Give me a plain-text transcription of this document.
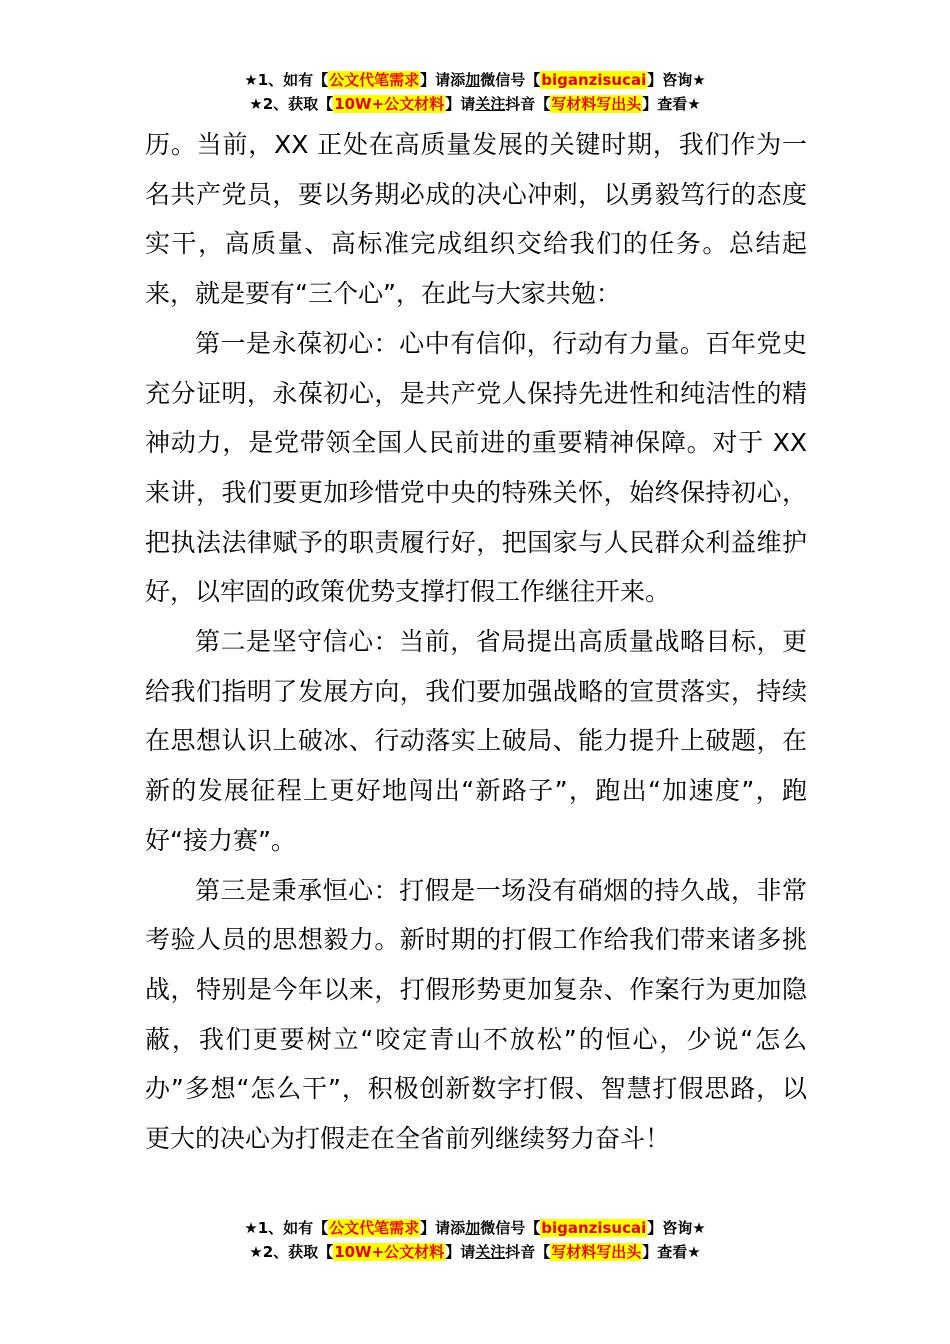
★1、如有【公文代笔需求】请添加微信号【biganzisucai】咨询★
★2、获取【10W+公文材料】请关注抖音【写材料写出头】查看★

历。当前，XX 正处在高质量发展的关键时期，我们作为一名共产党员，要以务期必成的决心冲刺，以勇毅笃行的态度实干，高质量、高标准完成组织交给我们的任务。总结起来，就是要有“三个心”，在此与大家共勉：

第一是永葆初心：心中有信仰，行动有力量。百年党史充分证明，永葆初心，是共产党人保持先进性和纯洁性的精神动力，是党带领全国人民前进的重要精神保障。对于 XX 来讲，我们要更加珍惜党中央的特殊关怀，始终保持初心，把执法法律赋予的职责履行好，把国家与人民群众利益维护好，以牢固的政策优势支撑打假工作继往开来。

第二是坚守信心：当前，省局提出高质量战略目标，更给我们指明了发展方向，我们要加强战略的宣贯落实，持续在思想认识上破冰、行动落实上破局、能力提升上破题，在新的发展征程上更好地闯出“新路子”，跑出“加速度”，跑好“接力赛”。

第三是秉承恒心：打假是一场没有硝烟的持久战，非常考验人员的思想毅力。新时期的打假工作给我们带来诸多挑战，特别是今年以来，打假形势更加复杂、作案行为更加隐蔽，我们更要树立“咬定青山不放松”的恒心，少说“怎么办”多想“怎么干”，积极创新数字打假、智慧打假思路，以更大的决心为打假走在全省前列继续努力奋斗！

★1、如有【公文代笔需求】请添加微信号【biganzisucai】咨询★
★2、获取【10W+公文材料】请关注抖音【写材料写出头】查看★
